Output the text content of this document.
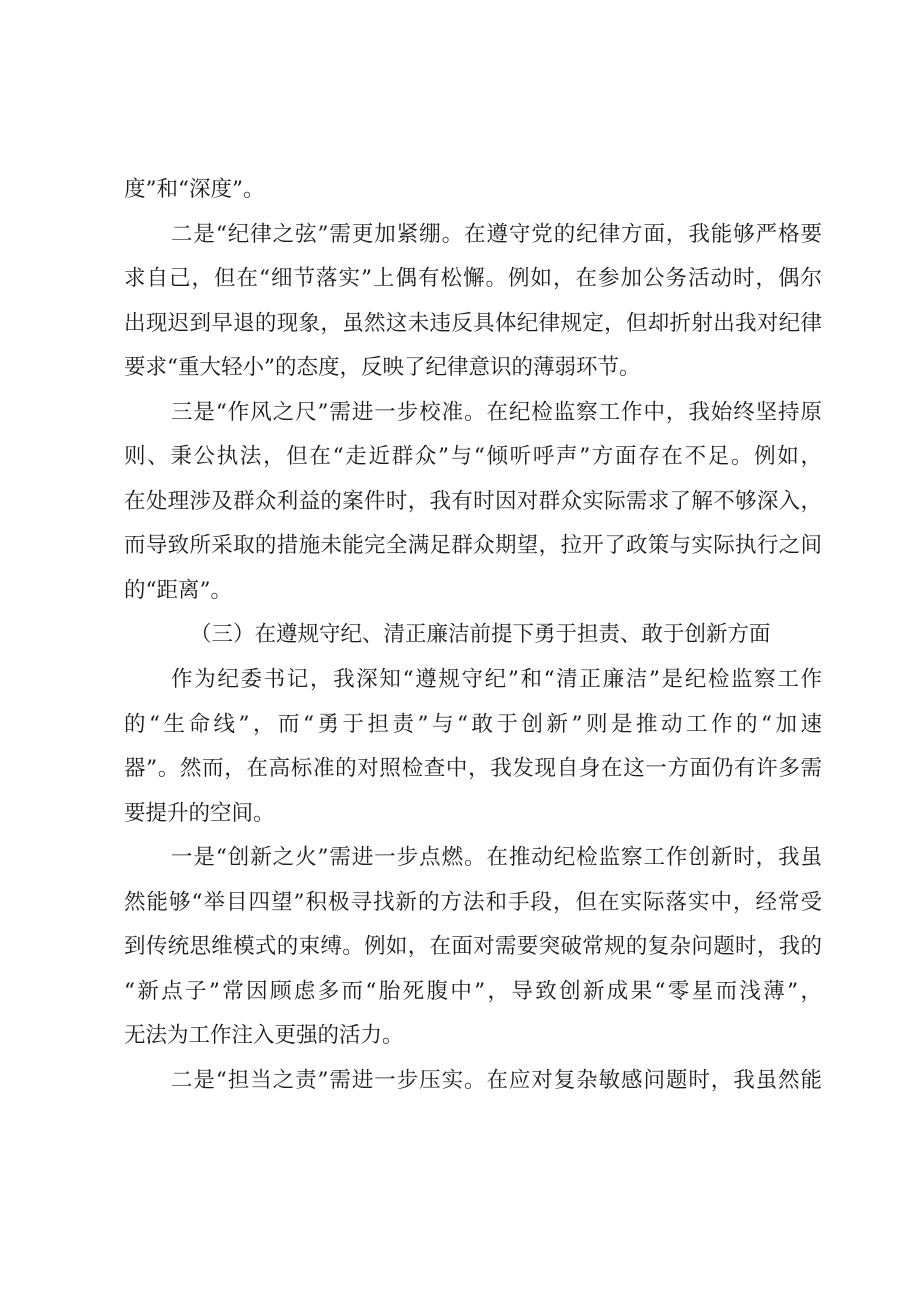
度”和“深度”。
二是“纪律之弦”需更加紧绷。在遵守党的纪律方面，我能够严格要
求自己，但在“细节落实”上偶有松懈。例如，在参加公务活动时，偶尔
出现迟到早退的现象，虽然这未违反具体纪律规定，但却折射出我对纪律
要求“重大轻小”的态度，反映了纪律意识的薄弱环节。
三是“作风之尺”需进一步校准。在纪检监察工作中，我始终坚持原
则、秉公执法，但在“走近群众”与“倾听呼声”方面存在不足。例如，
在处理涉及群众利益的案件时，我有时因对群众实际需求了解不够深入，
而导致所采取的措施未能完全满足群众期望，拉开了政策与实际执行之间
的“距离”。
（三）在遵规守纪、清正廉洁前提下勇于担责、敢于创新方面
作为纪委书记，我深知“遵规守纪”和“清正廉洁”是纪检监察工作
的“生命线”，而“勇于担责”与“敢于创新”则是推动工作的“加速
器”。然而，在高标准的对照检查中，我发现自身在这一方面仍有许多需
要提升的空间。
一是“创新之火”需进一步点燃。在推动纪检监察工作创新时，我虽
然能够“举目四望”积极寻找新的方法和手段，但在实际落实中，经常受
到传统思维模式的束缚。例如，在面对需要突破常规的复杂问题时，我的
“新点子”常因顾虑多而“胎死腹中”，导致创新成果“零星而浅薄”，
无法为工作注入更强的活力。
二是“担当之责”需进一步压实。在应对复杂敏感问题时，我虽然能
